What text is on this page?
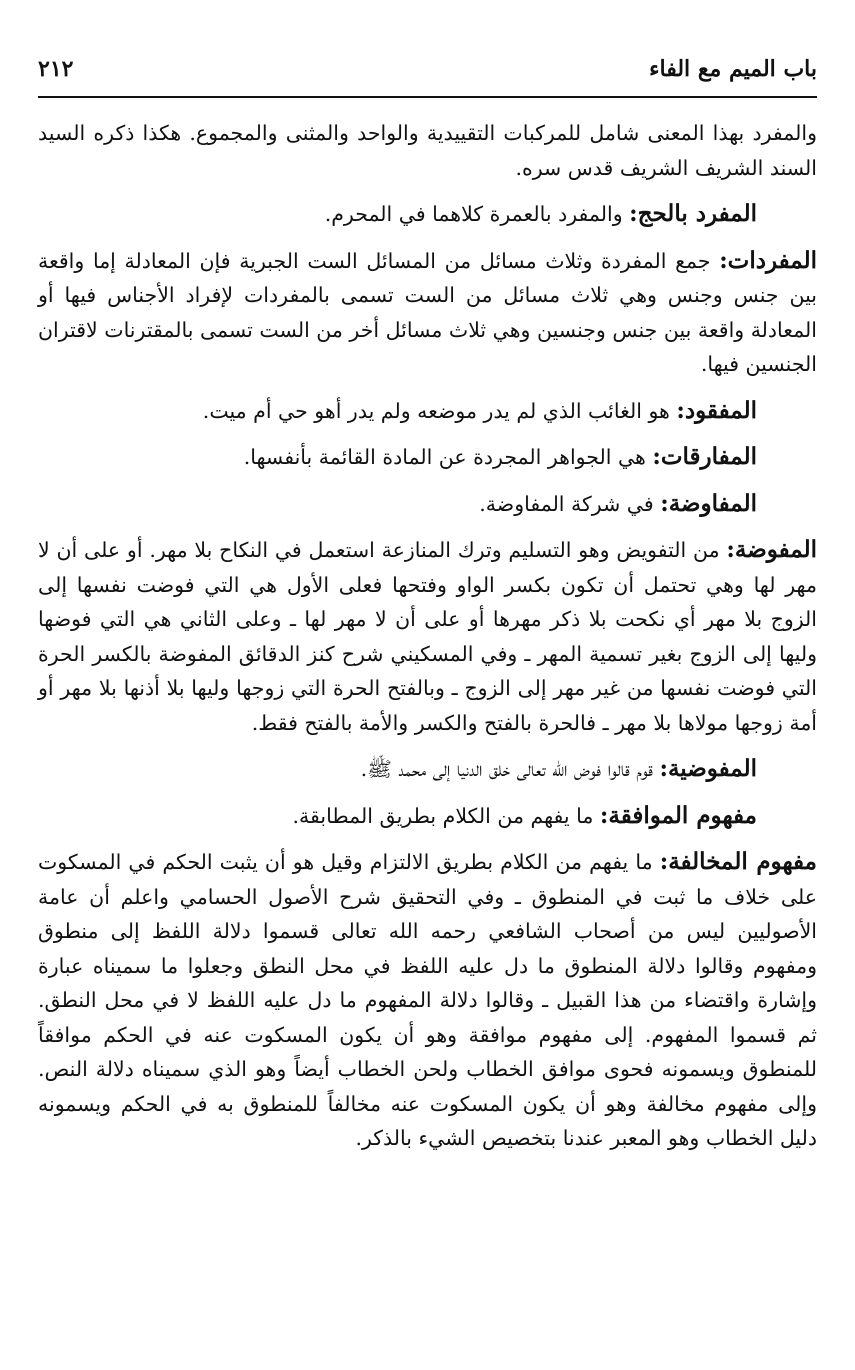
باب الميم مع الفاء
٢١٢

والمفرد بهذا المعنى شامل للمركبات التقييدية والواحد والمثنى والمجموع. هكذا ذكره السيد السند الشريف الشريف قدس سره.

المفرد بالحج: والمفرد بالعمرة كلاهما في المحرم.

المفردات: جمع المفردة وثلاث مسائل من المسائل الست الجبرية فإن المعادلة إما واقعة بين جنس وجنس وهي ثلاث مسائل من الست تسمى بالمفردات لإفراد الأجناس فيها أو المعادلة واقعة بين جنس وجنسين وهي ثلاث مسائل أخر من الست تسمى بالمقترنات لاقتران الجنسين فيها.

المفقود: هو الغائب الذي لم يدر موضعه ولم يدر أهو حي أم ميت.

المفارقات: هي الجواهر المجردة عن المادة القائمة بأنفسها.

المفاوضة: في شركة المفاوضة.

المفوضة: من التفويض وهو التسليم وترك المنازعة استعمل في النكاح بلا مهر. أو على أن لا مهر لها وهي تحتمل أن تكون بكسر الواو وفتحها فعلى الأول هي التي فوضت نفسها إلى الزوج بلا مهر أي نكحت بلا ذكر مهرها أو على أن لا مهر لها ـ وعلى الثاني هي التي فوضها وليها إلى الزوج بغير تسمية المهر ـ وفي المسكيني شرح كنز الدقائق المفوضة بالكسر الحرة التي فوضت نفسها من غير مهر إلى الزوج ـ وبالفتح الحرة التي زوجها وليها بلا أذنها بلا مهر أو أمة زوجها مولاها بلا مهر ـ فالحرة بالفتح والكسر والأمة بالفتح فقط.

المفوضية: قوم قالوا فوض الله تعالى خلق الدنيا إلى محمد ﷺ.

مفهوم الموافقة: ما يفهم من الكلام بطريق المطابقة.

مفهوم المخالفة: ما يفهم من الكلام بطريق الالتزام وقيل هو أن يثبت الحكم في المسكوت على خلاف ما ثبت في المنطوق ـ وفي التحقيق شرح الأصول الحسامي واعلم أن عامة الأصوليين ليس من أصحاب الشافعي رحمه الله تعالى قسموا دلالة اللفظ إلى منطوق ومفهوم وقالوا دلالة المنطوق ما دل عليه اللفظ في محل النطق وجعلوا ما سميناه عبارة وإشارة واقتضاء من هذا القبيل ـ وقالوا دلالة المفهوم ما دل عليه اللفظ لا في محل النطق. ثم قسموا المفهوم. إلى مفهوم موافقة وهو أن يكون المسكوت عنه في الحكم موافقاً للمنطوق ويسمونه فحوى موافق الخطاب ولحن الخطاب أيضاً وهو الذي سميناه دلالة النص. وإلى مفهوم مخالفة وهو أن يكون المسكوت عنه مخالفاً للمنطوق به في الحكم ويسمونه دليل الخطاب وهو المعبر عندنا بتخصيص الشيء بالذكر.
